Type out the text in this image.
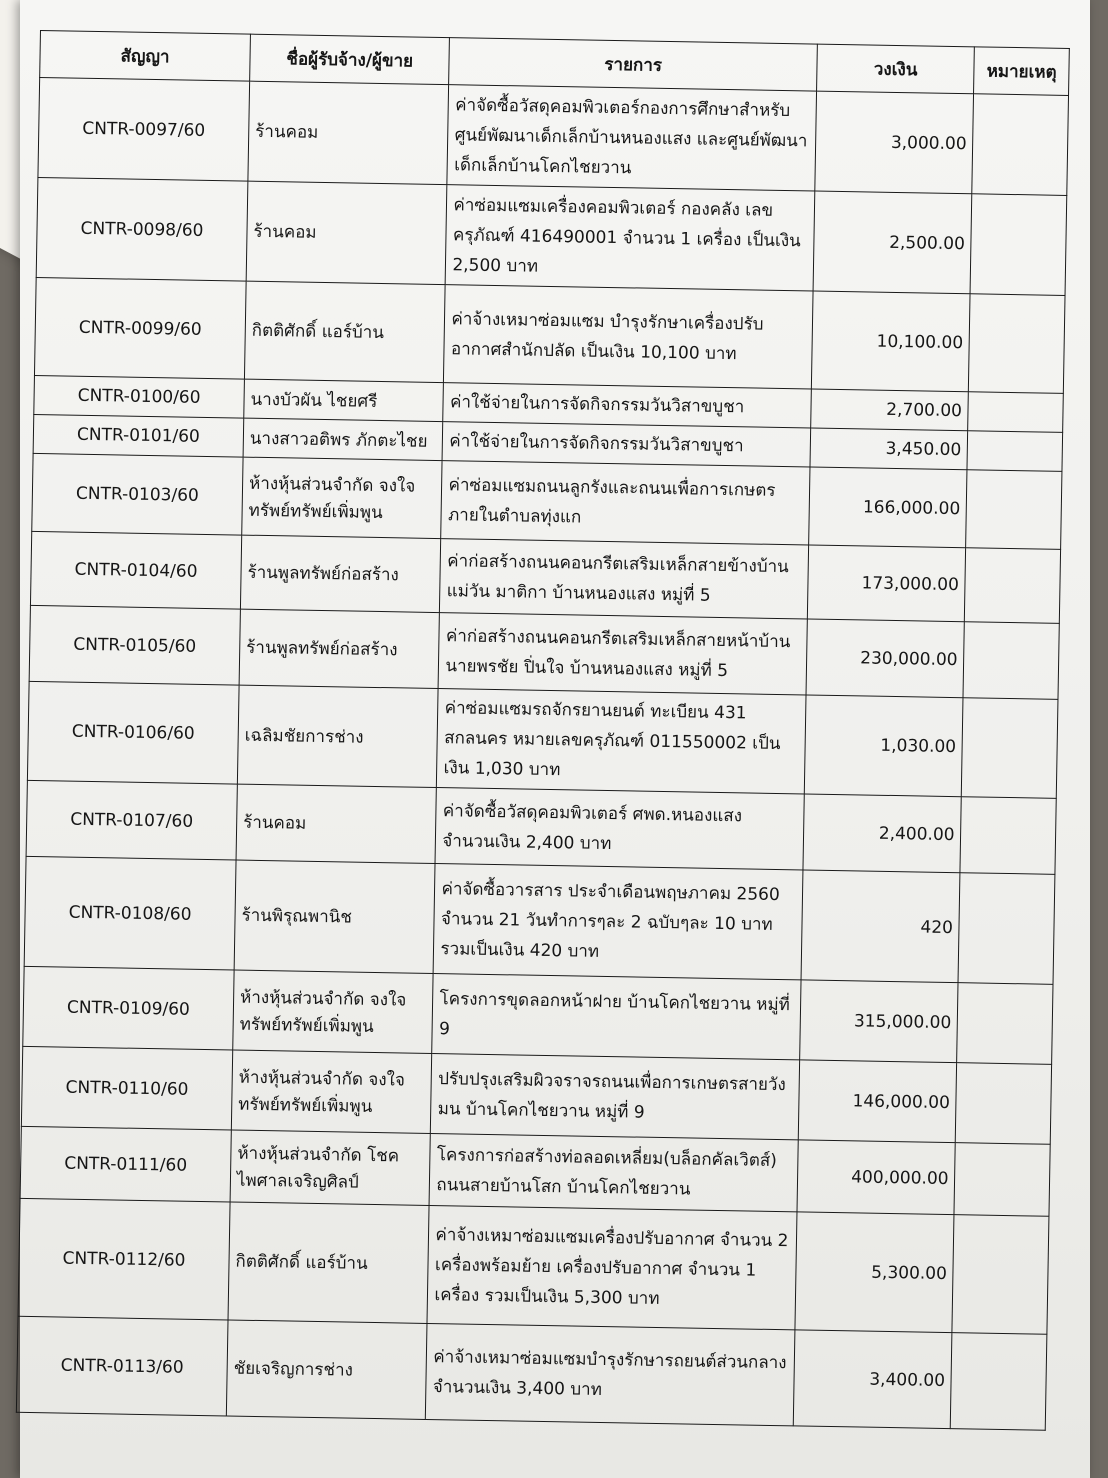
สัญญา	ชื่อผู้รับจ้าง/ผู้ขาย	รายการ	วงเงิน	หมายเหตุ
CNTR-0097/60	ร้านคอม	ค่าจัดซื้อวัสดุคอมพิวเตอร์กองการศึกษาสำหรับศูนย์พัฒนาเด็กเล็กบ้านหนองแสง และศูนย์พัฒนาเด็กเล็กบ้านโคกไชยวาน	3,000.00	
CNTR-0098/60	ร้านคอม	ค่าซ่อมแซมเครื่องคอมพิวเตอร์ กองคลัง เลขครุภัณฑ์ 416490001 จำนวน 1 เครื่อง เป็นเงิน 2,500 บาท	2,500.00	
CNTR-0099/60	กิตติศักดิ์ แอร์บ้าน	ค่าจ้างเหมาซ่อมแซม บำรุงรักษาเครื่องปรับอากาศสำนักปลัด เป็นเงิน 10,100 บาท	10,100.00	
CNTR-0100/60	นางบัวผัน ไชยศรี	ค่าใช้จ่ายในการจัดกิจกรรมวันวิสาขบูชา	2,700.00	
CNTR-0101/60	นางสาวอติพร ภักตะไชย	ค่าใช้จ่ายในการจัดกิจกรรมวันวิสาขบูชา	3,450.00	
CNTR-0103/60	ห้างหุ้นส่วนจำกัด จงใจทรัพย์ทรัพย์เพิ่มพูน	ค่าซ่อมแซมถนนลูกรังและถนนเพื่อการเกษตรภายในตำบลทุ่งแก	166,000.00	
CNTR-0104/60	ร้านพูลทรัพย์ก่อสร้าง	ค่าก่อสร้างถนนคอนกรีตเสริมเหล็กสายข้างบ้านแม่วัน มาติกา บ้านหนองแสง หมู่ที่ 5	173,000.00	
CNTR-0105/60	ร้านพูลทรัพย์ก่อสร้าง	ค่าก่อสร้างถนนคอนกรีตเสริมเหล็กสายหน้าบ้านนายพรชัย ปิ่นใจ บ้านหนองแสง หมู่ที่ 5	230,000.00	
CNTR-0106/60	เฉลิมชัยการช่าง	ค่าซ่อมแซมรถจักรยานยนต์ ทะเบียน 431 สกลนคร หมายเลขครุภัณฑ์ 011550002 เป็นเงิน 1,030 บาท	1,030.00	
CNTR-0107/60	ร้านคอม	ค่าจัดซื้อวัสดุคอมพิวเตอร์ ศพด.หนองแสง จำนวนเงิน 2,400 บาท	2,400.00	
CNTR-0108/60	ร้านพิรุณพานิช	ค่าจัดซื้อวารสาร ประจำเดือนพฤษภาคม 2560 จำนวน 21 วันทำการๆละ 2 ฉบับๆละ 10 บาท รวมเป็นเงิน 420 บาท	420	
CNTR-0109/60	ห้างหุ้นส่วนจำกัด จงใจทรัพย์ทรัพย์เพิ่มพูน	โครงการขุดลอกหน้าฝาย บ้านโคกไชยวาน หมู่ที่ 9	315,000.00	
CNTR-0110/60	ห้างหุ้นส่วนจำกัด จงใจทรัพย์ทรัพย์เพิ่มพูน	ปรับปรุงเสริมผิวจราจรถนนเพื่อการเกษตรสายวังมน บ้านโคกไชยวาน หมู่ที่ 9	146,000.00	
CNTR-0111/60	ห้างหุ้นส่วนจำกัด โชคไพศาลเจริญศิลป์	โครงการก่อสร้างท่อลอดเหลี่ยม(บล็อกคัลเวิตส์) ถนนสายบ้านโสก บ้านโคกไชยวาน	400,000.00	
CNTR-0112/60	กิตติศักดิ์ แอร์บ้าน	ค่าจ้างเหมาซ่อมแซมเครื่องปรับอากาศ จำนวน 2 เครื่องพร้อมย้าย เครื่องปรับอากาศ จำนวน 1 เครื่อง รวมเป็นเงิน 5,300 บาท	5,300.00	
CNTR-0113/60	ชัยเจริญการช่าง	ค่าจ้างเหมาซ่อมแซมบำรุงรักษารถยนต์ส่วนกลาง จำนวนเงิน 3,400 บาท	3,400.00	
